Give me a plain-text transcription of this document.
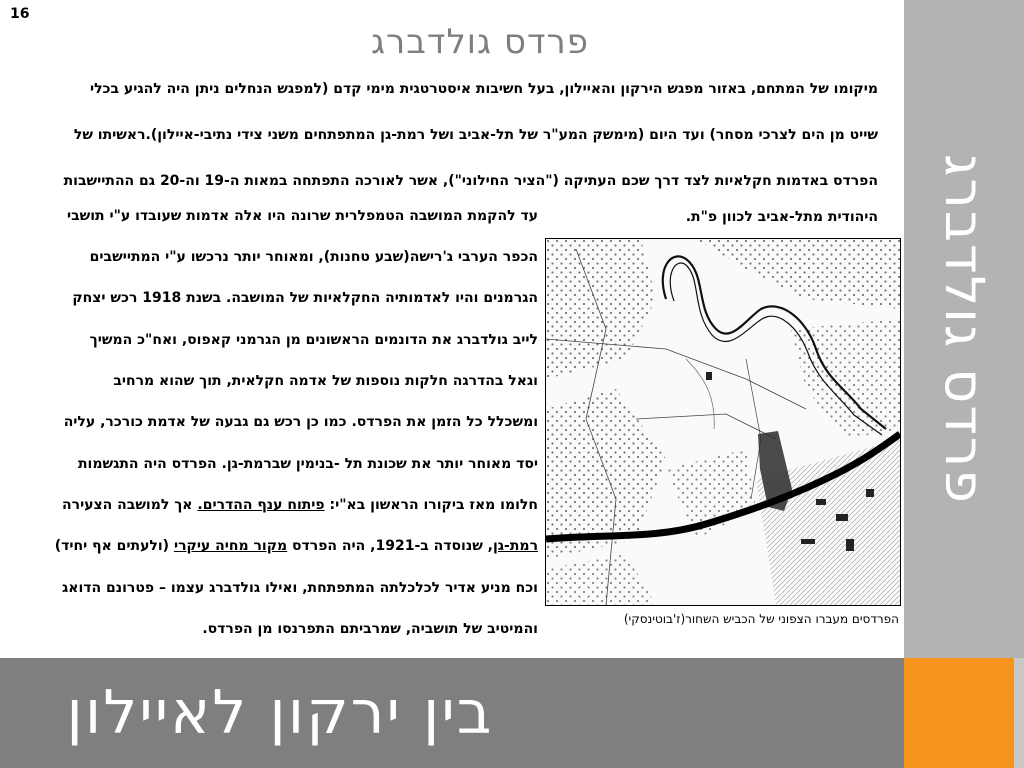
16
פרדס גולדברג
פרדס גולדברג
בין ירקון לאיילון
מיקומו של המתחם, באזור מפגש הירקון והאיילון, בעל חשיבות איסטרטגית מימי קדם (למפגש הנחלים ניתן היה להגיע בכלי
שייט מן הים לצרכי מסחר) ועד היום (מימשק המע"ר של תל-אביב ושל רמת-גן המתפתחים משני צידי נתיבי-איילון).ראשיתו של
הפרדס באדמות חקלאיות לצד דרך שכם העתיקה ("הציר החילוני"), אשר לאורכה התפתחה במאות ה-19 וה-20 גם ההתיישבות
היהודית מתל-אביב לכוון פ"ת.
עד להקמת המושבה הטמפלרית שרונה היו אלה אדמות שעובדו ע"י תושבי
הכפר הערבי ג'רישה(שבע טחנות), ומאוחר יותר נרכשו ע"י המתיישבים
הגרמנים והיו לאדמותיה החקלאיות של המושבה. בשנת 1918 רכש יצחק
לייב גולדברג את הדונמים הראשונים מן הגרמני קאפוס, ואח"כ המשיך
וגאל בהדרגה חלקות נוספות של אדמה חקלאית, תוך שהוא מרחיב
ומשכלל כל הזמן את הפרדס. כמו כן רכש גם גבעה של אדמת כורכר, עליה
יסד מאוחר יותר את שכונת תל -בנימין שברמת-גן. הפרדס היה התגשמות
חלומו מאז ביקורו הראשון בא"י: פיתוח ענף ההדרים. אך למושבה הצעירה
רמת-גן, שנוסדה ב-1921, היה הפרדס מקור מחיה עיקרי (ולעתים אף יחיד)
וכח מניע אדיר לכלכלתה המתפתחת, ואילו גולדברג עצמו – פטרונם הדואג
והמיטיב של תושביה, שמרביתם התפרנסו מן הפרדס.
הפרדסים מעברו הצפוני של הכביש השחור(ז'בוטינסקי)
